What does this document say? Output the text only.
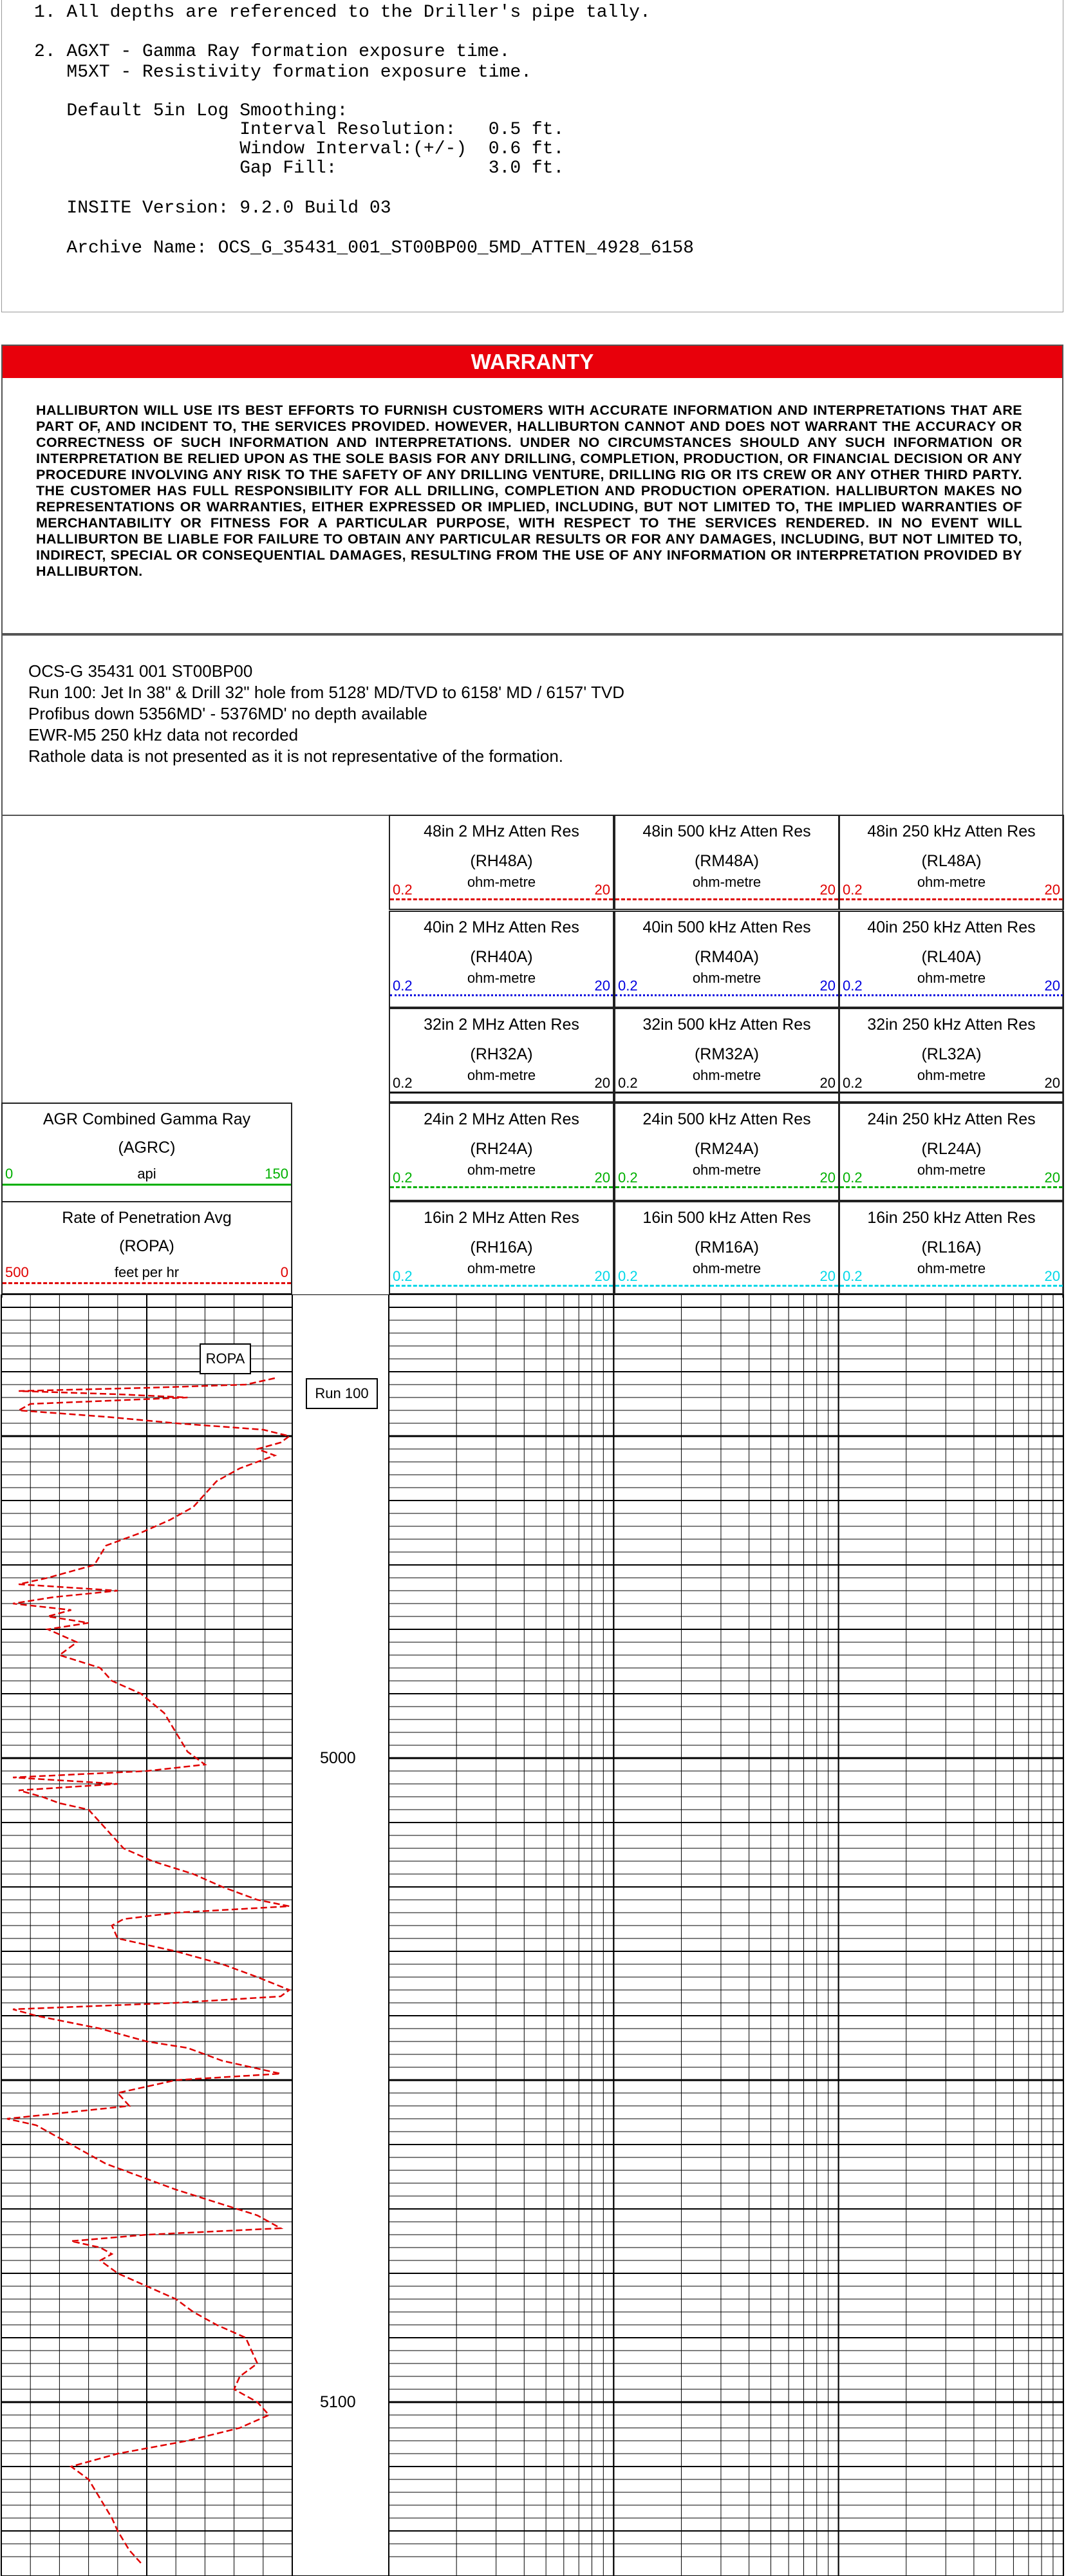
1. All depths are referenced to the Driller's pipe tally.

2. AGXT - Gamma Ray formation exposure time.

M5XT - Resistivity formation exposure time.

Default 5in Log Smoothing:

Interval Resolution:   0.5 ft.

Window Interval:(+/-)  0.6 ft.

Gap Fill:              3.0 ft.

INSITE Version: 9.2.0 Build 03

Archive Name: OCS_G_35431_001_ST00BP00_5MD_ATTEN_4928_6158

WARRANTY
HALLIBURTON WILL USE ITS BEST EFFORTS TO FURNISH CUSTOMERS WITH ACCURATE INFORMATION AND INTERPRETATIONS THAT ARE PART OF, AND INCIDENT TO, THE SERVICES PROVIDED. HOWEVER, HALLIBURTON CANNOT AND DOES NOT WARRANT THE ACCURACY OR CORRECTNESS OF SUCH INFORMATION AND INTERPRETATIONS. UNDER NO CIRCUMSTANCES SHOULD ANY SUCH INFORMATION OR INTERPRETATION BE RELIED UPON AS THE SOLE BASIS FOR ANY DRILLING, COMPLETION, PRODUCTION, OR FINANCIAL DECISION OR ANY PROCEDURE INVOLVING ANY RISK TO THE SAFETY OF ANY DRILLING VENTURE, DRILLING RIG OR ITS CREW OR ANY OTHER THIRD PARTY. THE CUSTOMER HAS FULL RESPONSIBILITY FOR ALL DRILLING, COMPLETION AND PRODUCTION OPERATION. HALLIBURTON MAKES NO REPRESENTATIONS OR WARRANTIES, EITHER EXPRESSED OR IMPLIED, INCLUDING, BUT NOT LIMITED TO, THE IMPLIED WARRANTIES OF MERCHANTABILITY OR FITNESS FOR A PARTICULAR PURPOSE, WITH RESPECT TO THE SERVICES RENDERED. IN NO EVENT WILL HALLIBURTON BE LIABLE FOR FAILURE TO OBTAIN ANY PARTICULAR RESULTS OR FOR ANY DAMAGES, INCLUDING, BUT NOT LIMITED TO, INDIRECT, SPECIAL OR CONSEQUENTIAL DAMAGES, RESULTING FROM THE USE OF ANY INFORMATION OR INTERPRETATION PROVIDED BY HALLIBURTON.
OCS-G 35431 001 ST00BP00
Run 100: Jet In 38" & Drill 32" hole from 5128' MD/TVD to 6158' MD / 6157' TVD
Profibus down 5356MD' - 5376MD' no depth available
EWR-M5 250 kHz data not recorded
Rathole data is not presented as it is not representative of the formation.
AGR Combined Gamma Ray
(AGRC)
api
0	150
Rate of Penetration Avg
(ROPA)
feet per hr
500	0
48in 2 MHz Atten Res
(RH48A)
ohm-metre
0.2	20
48in 500 kHz Atten Res
(RM48A)
ohm-metre	20
48in 250 kHz Atten Res
(RL48A)
ohm-metre
0.2	20
40in 2 MHz Atten Res
(RH40A)
ohm-metre
0.2	20
40in 500 kHz Atten Res
(RM40A)
ohm-metre
0.2	20
40in 250 kHz Atten Res
(RL40A)
ohm-metre
0.2	20
32in 2 MHz Atten Res
(RH32A)
ohm-metre
0.2	20
32in 500 kHz Atten Res
(RM32A)
ohm-metre
0.2	20
32in 250 kHz Atten Res
(RL32A)
ohm-metre
0.2	20
24in 2 MHz Atten Res
(RH24A)
ohm-metre
0.2	20
24in 500 kHz Atten Res
(RM24A)
ohm-metre
0.2	20
24in 250 kHz Atten Res
(RL24A)
ohm-metre
0.2	20
16in 2 MHz Atten Res
(RH16A)
ohm-metre
0.2	20
16in 500 kHz Atten Res
(RM16A)
ohm-metre
0.2	20
16in 250 kHz Atten Res
(RL16A)
ohm-metre
0.2	20
ROPA
Run 100
5000
5100
